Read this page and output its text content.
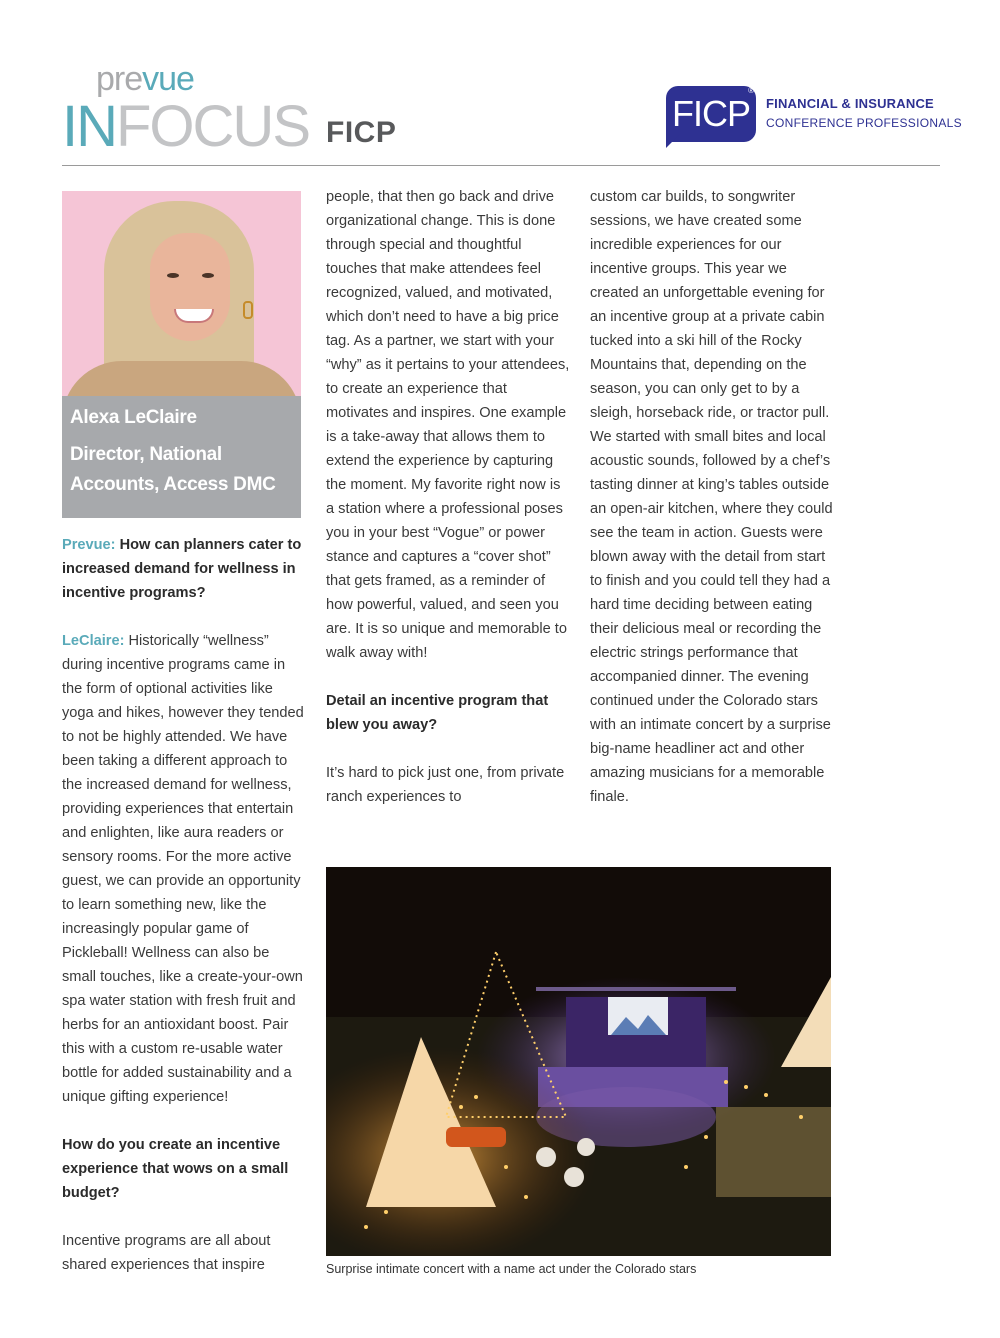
prevue
INFOCUS FICP	FICP
®
FINANCIAL & INSURANCE
CONFERENCE PROFESSIONALS
Alexa LeClaire
Director, National Accounts, Access DMC

Prevue: How can planners cater to increased demand for wellness in incentive programs?

LeClaire: Historically “wellness” during incentive programs came in the form of optional activities like yoga and hikes, however they tended to not be highly attended. We have been taking a different approach to the increased demand for wellness, providing experiences that entertain and enlighten, like aura readers or sensory rooms. For the more active guest, we can provide an opportunity to learn something new, like the increasingly popular game of Pickleball! Wellness can also be small touches, like a create-your-own spa water station with fresh fruit and herbs for an antioxidant boost. Pair this with a custom re-usable water bottle for added sustainability and a unique gifting experience!

How do you create an incentive experience that wows on a small budget?

Incentive programs are all about shared experiences that inspire

people, that then go back and drive organizational change. This is done through special and thoughtful touches that make attendees feel recognized, valued, and motivated, which don’t need to have a big price tag. As a partner, we start with your “why” as it pertains to your attendees, to create an experience that motivates and inspires. One example is a take-away that allows them to extend the experience by capturing the moment. My favorite right now is a station where a professional poses you in your best “Vogue” or power stance and captures a “cover shot” that gets framed, as a reminder of how powerful, valued, and seen you are. It is so unique and memorable to walk away with!

Detail an incentive program that blew you away?

It’s hard to pick just one, from private ranch experiences to

custom car builds, to songwriter sessions, we have created some incredible experiences for our incentive groups. This year we created an unforgettable evening for an incentive group at a private cabin tucked into a ski hill of the Rocky Mountains that, depending on the season, you can only get to by a sleigh, horseback ride, or tractor pull. We started with small bites and local acoustic sounds, followed by a chef’s tasting dinner at king’s tables outside an open-air kitchen, where they could see the team in action. Guests were blown away with the detail from start to finish and you could tell they had a hard time deciding between eating their delicious meal or recording the electric strings performance that accompanied dinner. The evening continued under the Colorado stars with an intimate concert by a surprise big-name headliner act and other amazing musicians for a memorable finale.

Surprise intimate concert with a name act under the Colorado stars
